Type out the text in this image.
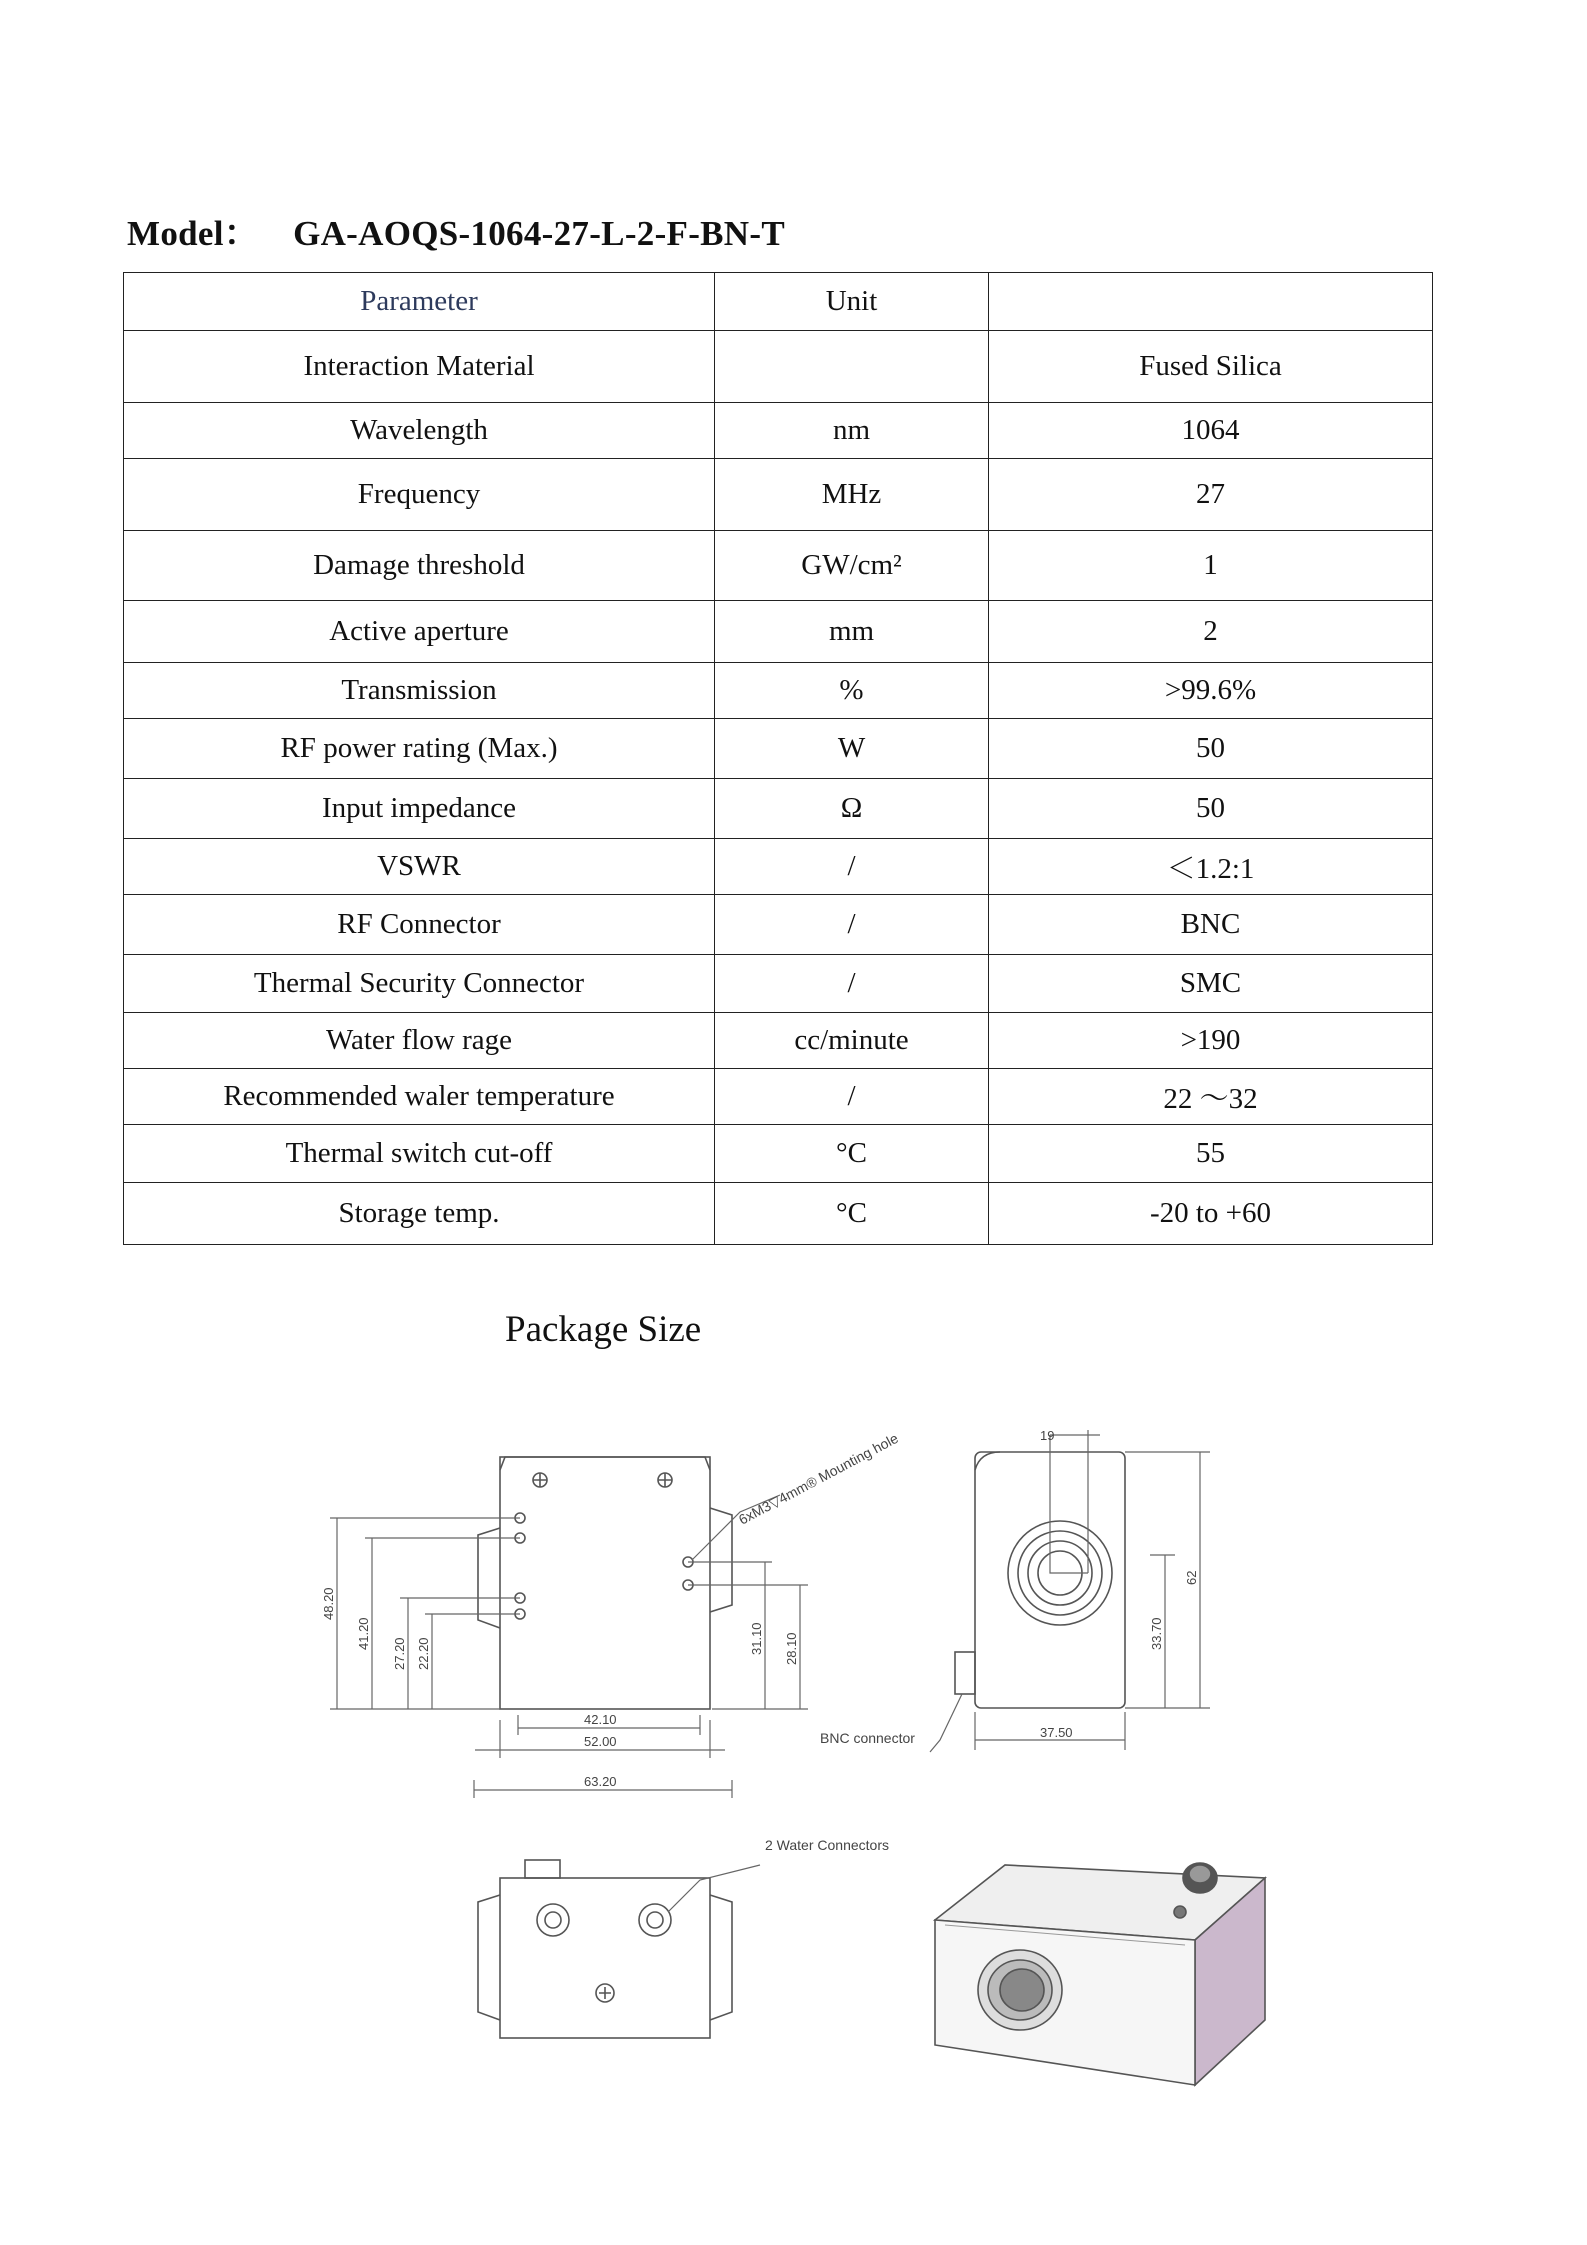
Model： GA-AOQS-1064-27-L-2-F-BN-T
Parameter	Unit	
Interaction Material		Fused Silica
Wavelength	nm	1064
Frequency	MHz	27
Damage threshold	GW/cm²	1
Active aperture	mm	2
Transmission	%	>99.6%
RF power rating (Max.)	W	50
Input impedance	Ω	50
VSWR	/	＜1.2:1
RF Connector	/	BNC
Thermal Security Connector	/	SMC
Water flow rage	cc/minute	>190
Recommended waler temperature	/	22 ～32
Thermal switch cut-off	°C	55
Storage temp.	°C	-20 to +60
Package Size
42.10
52.00
63.20
19
37.50
48.20
41.20
27.20 22.20	31.10 28.10	33.70
62
6xM3▽4mm® Mounting hole
BNC connector
2 Water Connectors
